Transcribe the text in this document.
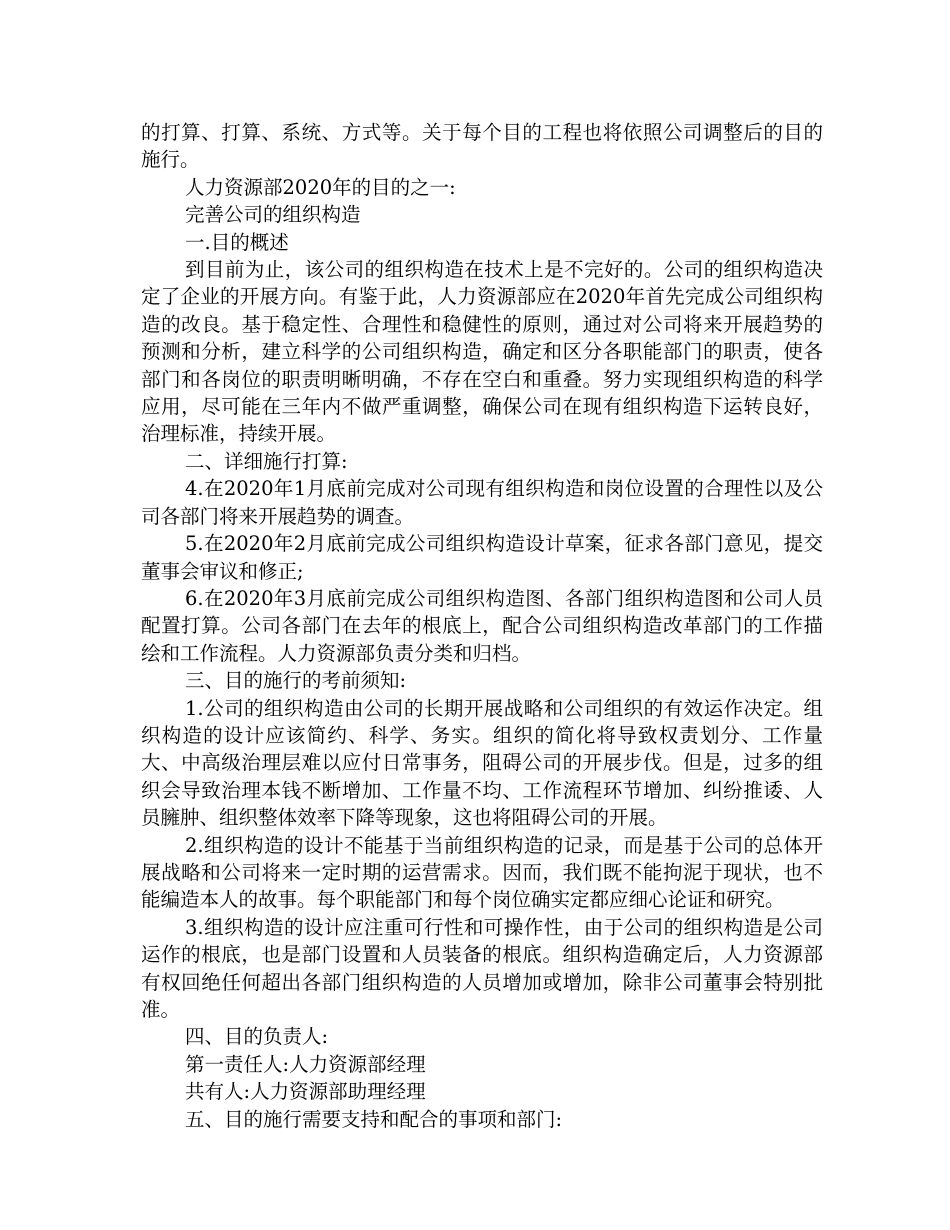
的打算、打算、系统、方式等。关于每个目的工程也将依照公司调整后的目的施行。

人力资源部2020年的目的之一:

完善公司的组织构造

一.目的概述

到目前为止，该公司的组织构造在技术上是不完好的。公司的组织构造决定了企业的开展方向。有鉴于此，人力资源部应在2020年首先完成公司组织构造的改良。基于稳定性、合理性和稳健性的原则，通过对公司将来开展趋势的预测和分析，建立科学的公司组织构造，确定和区分各职能部门的职责，使各部门和各岗位的职责明晰明确，不存在空白和重叠。努力实现组织构造的科学应用，尽可能在三年内不做严重调整，确保公司在现有组织构造下运转良好，治理标准，持续开展。

二、详细施行打算:

4.在2020年1月底前完成对公司现有组织构造和岗位设置的合理性以及公司各部门将来开展趋势的调查。

5.在2020年2月底前完成公司组织构造设计草案，征求各部门意见，提交董事会审议和修正;

6.在2020年3月底前完成公司组织构造图、各部门组织构造图和公司人员配置打算。公司各部门在去年的根底上，配合公司组织构造改革部门的工作描绘和工作流程。人力资源部负责分类和归档。

三、目的施行的考前须知:

1.公司的组织构造由公司的长期开展战略和公司组织的有效运作决定。组织构造的设计应该简约、科学、务实。组织的简化将导致权责划分、工作量大、中高级治理层难以应付日常事务，阻碍公司的开展步伐。但是，过多的组织会导致治理本钱不断增加、工作量不均、工作流程环节增加、纠纷推诿、人员臃肿、组织整体效率下降等现象，这也将阻碍公司的开展。

2.组织构造的设计不能基于当前组织构造的记录，而是基于公司的总体开展战略和公司将来一定时期的运营需求。因而，我们既不能拘泥于现状，也不能编造本人的故事。每个职能部门和每个岗位确实定都应细心论证和研究。

3.组织构造的设计应注重可行性和可操作性，由于公司的组织构造是公司运作的根底，也是部门设置和人员装备的根底。组织构造确定后，人力资源部有权回绝任何超出各部门组织构造的人员增加或增加，除非公司董事会特别批准。

四、目的负责人:

第一责任人:人力资源部经理

共有人:人力资源部助理经理

五、目的施行需要支持和配合的事项和部门:
